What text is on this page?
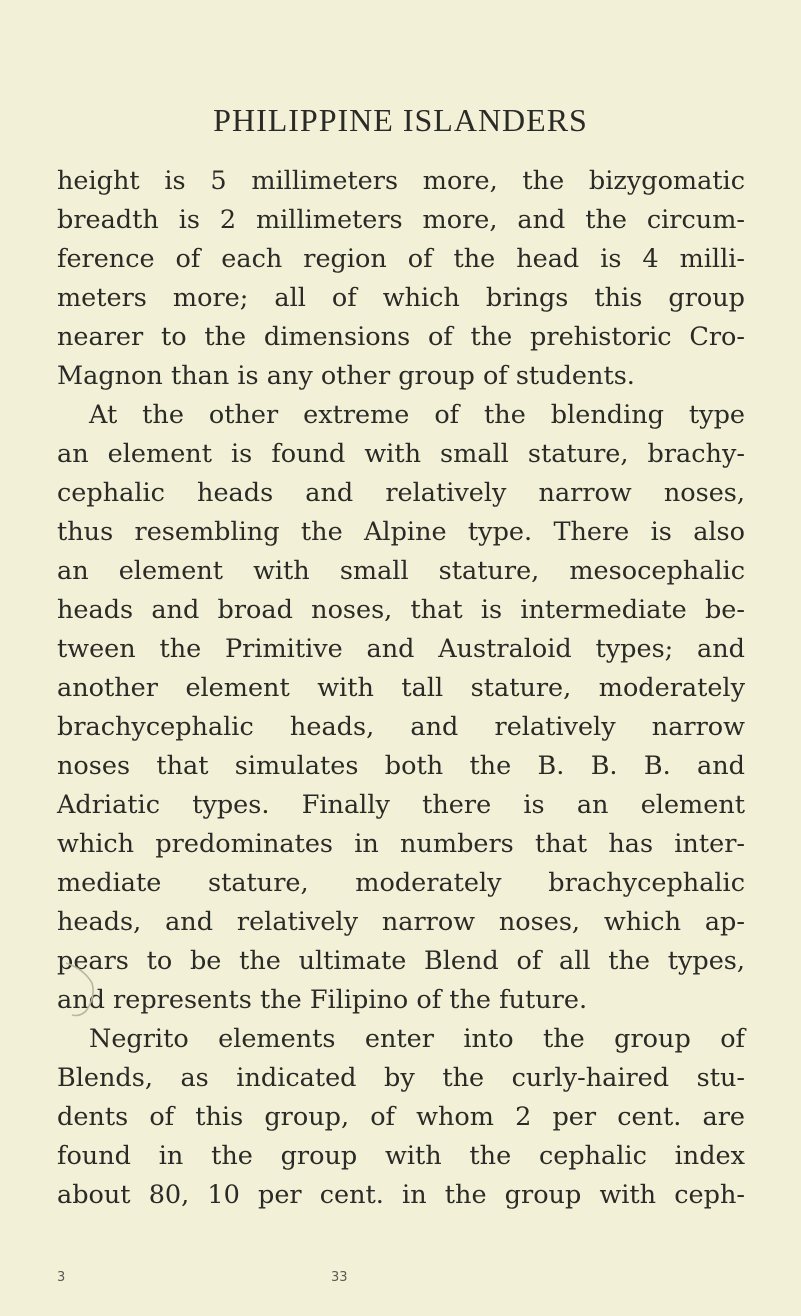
PHILIPPINE ISLANDERS
height is 5 millimeters more, the bizygomatic
breadth is 2 millimeters more, and the circum-
ference of each region of the head is 4 milli-
meters more; all of which brings this group
nearer to the dimensions of the prehistoric Cro-
Magnon than is any other group of students.
At the other extreme of the blending type
an element is found with small stature, brachy-
cephalic heads and relatively narrow noses,
thus resembling the Alpine type. There is also
an element with small stature, mesocephalic
heads and broad noses, that is intermediate be-
tween the Primitive and Australoid types; and
another element with tall stature, moderately
brachycephalic heads, and relatively narrow
noses that simulates both the B. B. B. and
Adriatic types. Finally there is an element
which predominates in numbers that has inter-
mediate stature, moderately brachycephalic
heads, and relatively narrow noses, which ap-
pears to be the ultimate Blend of all the types,
and represents the Filipino of the future.
Negrito elements enter into the group of
Blends, as indicated by the curly-haired stu-
dents of this group, of whom 2 per cent. are
found in the group with the cephalic index
about 80, 10 per cent. in the group with ceph-
3	33
